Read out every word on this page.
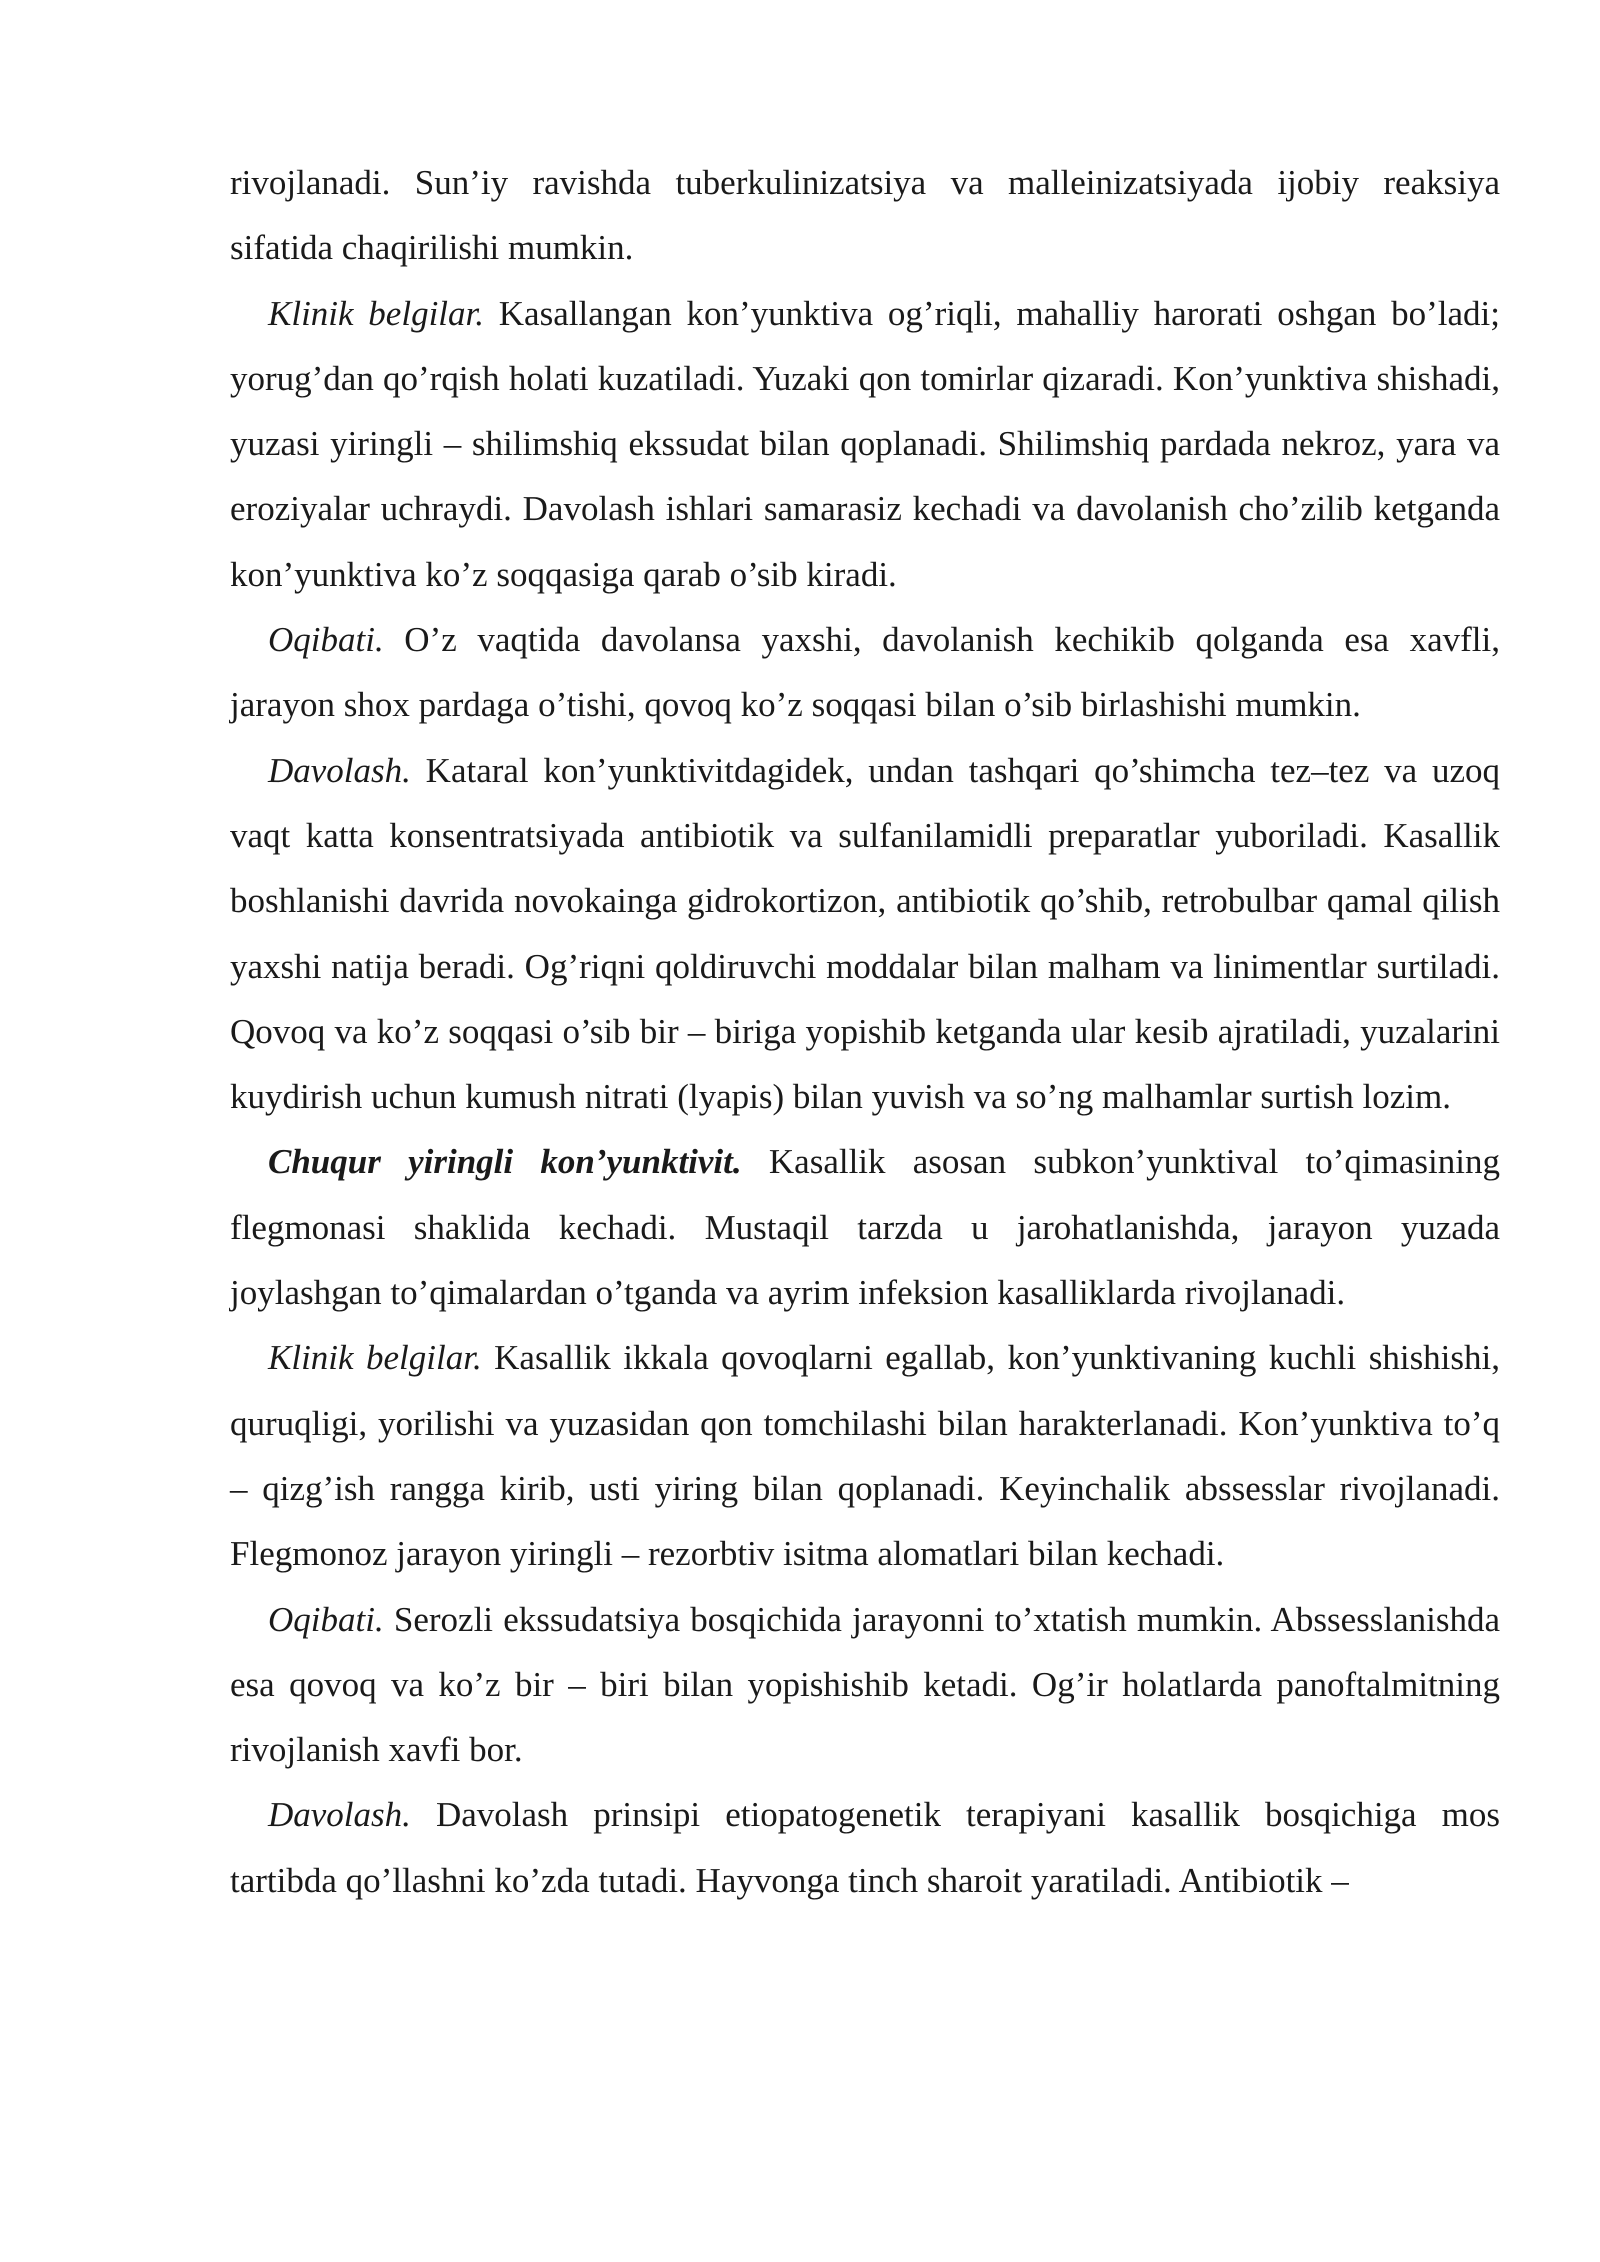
rivojlanadi. Sun’iy ravishda tuberkulinizatsiya va malleinizatsiyada ijobiy reaksiya sifatida chaqirilishi mumkin.

Klinik belgilar. Kasallangan kon’yunktiva og’riqli, mahalliy harorati oshgan bo’ladi; yorug’dan qo’rqish holati kuzatiladi. Yuzaki qon tomirlar qizaradi. Kon’yunktiva shishadi, yuzasi yiringli – shilimshiq ekssudat bilan qoplanadi. Shilimshiq pardada nekroz, yara va eroziyalar uchraydi. Davolash ishlari samarasiz kechadi va davolanish cho’zilib ketganda kon’yunktiva ko’z soqqasiga qarab o’sib kiradi.

Oqibati. O’z vaqtida davolansa yaxshi, davolanish kechikib qolganda esa xavfli, jarayon shox pardaga o’tishi, qovoq ko’z soqqasi bilan o’sib birlashishi mumkin.

Davolash. Kataral kon’yunktivitdagidek, undan tashqari qo’shimcha tez–tez va uzoq vaqt katta konsentratsiyada antibiotik va sulfanilamidli preparatlar yuboriladi. Kasallik boshlanishi davrida novokainga gidrokortizon, antibiotik qo’shib, retrobulbar qamal qilish yaxshi natija beradi. Og’riqni qoldiruvchi moddalar bilan malham va linimentlar surtiladi. Qovoq va ko’z soqqasi o’sib bir – biriga yopishib ketganda ular kesib ajratiladi, yuzalarini kuydirish uchun kumush nitrati (lyapis) bilan yuvish va so’ng malhamlar surtish lozim.

Chuqur yiringli kon’yunktivit. Kasallik asosan subkon’yunktival to’qimasining flegmonasi shaklida kechadi. Mustaqil tarzda u jarohatlanishda, jarayon yuzada joylashgan to’qimalardan o’tganda va ayrim infeksion kasalliklarda rivojlanadi.

Klinik belgilar. Kasallik ikkala qovoqlarni egallab, kon’yunktivaning kuchli shishishi, quruqligi, yorilishi va yuzasidan qon tomchilashi bilan harakterlanadi. Kon’yunktiva to’q – qizg’ish rangga kirib, usti yiring bilan qoplanadi. Keyinchalik abssesslar rivojlanadi. Flegmonoz jarayon yiringli – rezorbtiv isitma alomatlari bilan kechadi.

Oqibati. Serozli ekssudatsiya bosqichida jarayonni to’xtatish mumkin. Abssesslanishda esa qovoq va ko’z bir – biri bilan yopishishib ketadi. Og’ir holatlarda panoftalmitning rivojlanish xavfi bor.

Davolash. Davolash prinsipi etiopatogenetik terapiyani kasallik bosqichiga mos tartibda qo’llashni ko’zda tutadi. Hayvonga tinch sharoit yaratiladi. Antibiotik –
